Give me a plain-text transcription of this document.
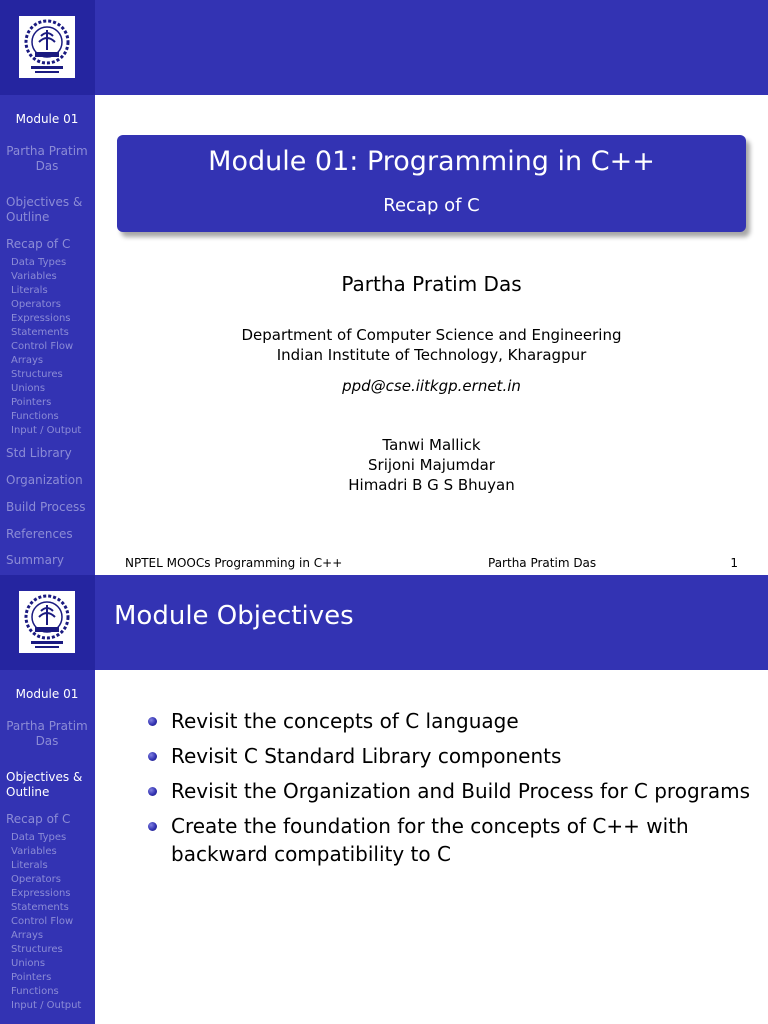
Module 01
Partha Pratim Das
Objectives & Outline
Recap of C
Data Types
Variables
Literals
Operators
Expressions
Statements
Control Flow
Arrays
Structures
Unions
Pointers
Functions
Input / Output
Std Library
Organization
Build Process
References
Summary
Module 01: Programming in C++
Recap of C
Partha Pratim Das
Department of Computer Science and Engineering
Indian Institute of Technology, Kharagpur
ppd@cse.iitkgp.ernet.in
Tanwi Mallick
Srijoni Majumdar
Himadri B G S Bhuyan
NPTEL MOOCs Programming in C++	Partha Pratim Das	1
Module 01
Partha Pratim Das
Objectives & Outline
Recap of C
Data Types
Variables
Literals
Operators
Expressions
Statements
Control Flow
Arrays
Structures
Unions
Pointers
Functions
Input / Output
Module Objectives
Revisit the concepts of C language
Revisit C Standard Library components
Revisit the Organization and Build Process for C programs
Create the foundation for the concepts of C++ with backward compatibility to C
